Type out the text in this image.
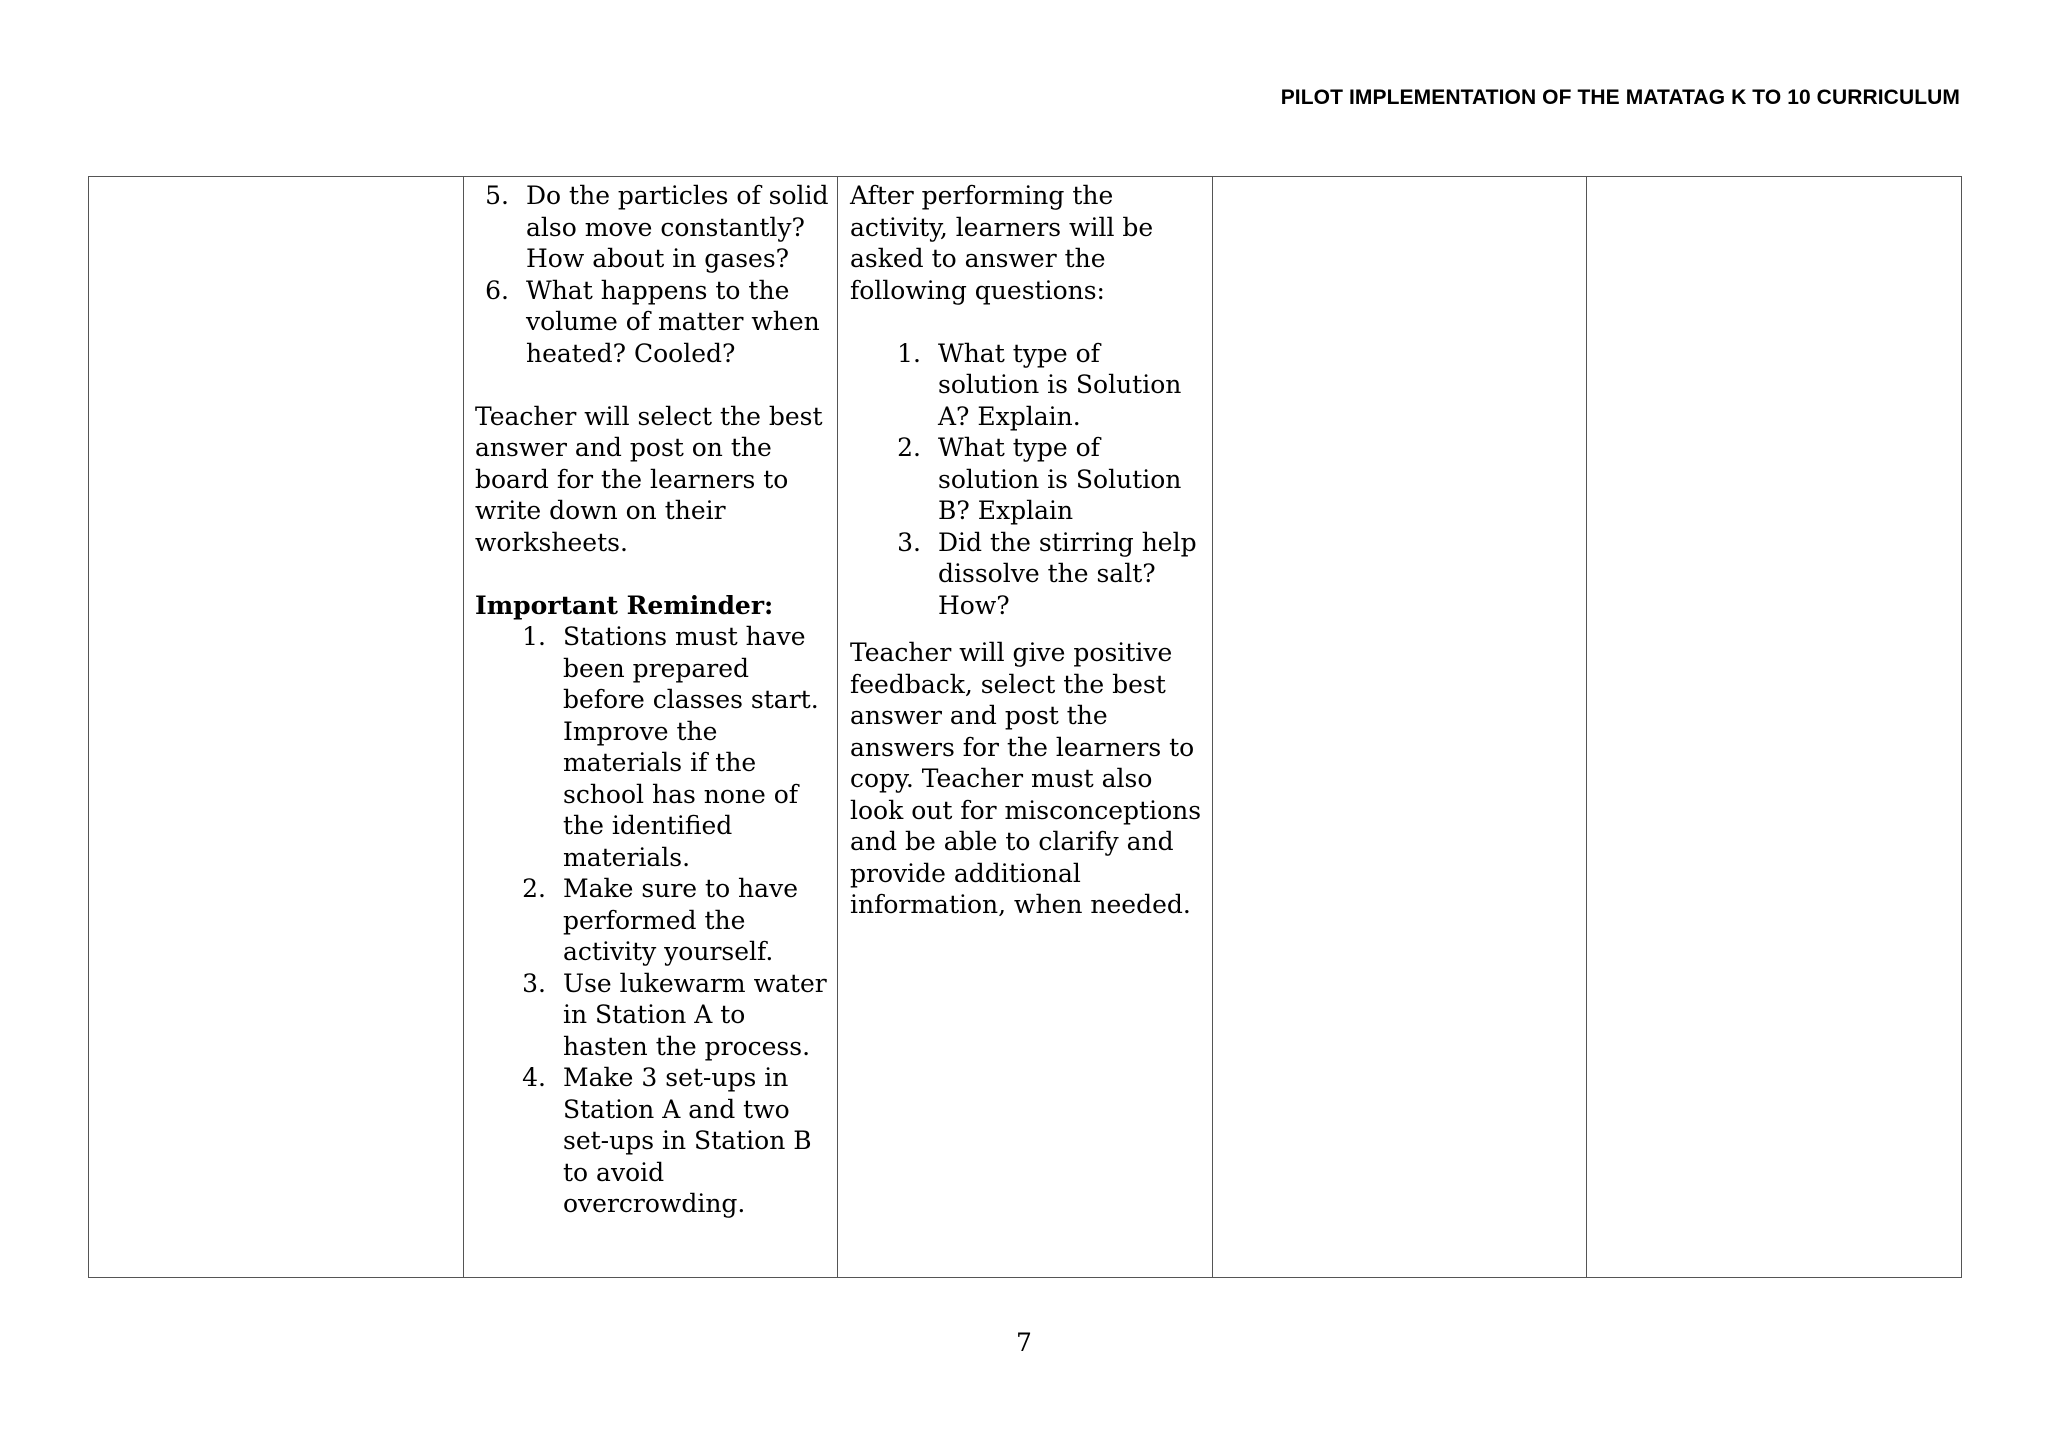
PILOT IMPLEMENTATION OF THE MATATAG K TO 10 CURRICULUM

5. Do the particles of solid also move constantly? How about in gases?
6. What happens to the volume of matter when heated? Cooled?

Teacher will select the best answer and post on the board for the learners to write down on their worksheets.

Important Reminder:

1. Stations must have been prepared before classes start. Improve the materials if the school has none of the identified materials.
2. Make sure to have performed the activity yourself.
3. Use lukewarm water in Station A to hasten the process.
4. Make 3 set-ups in Station A and two set-ups in Station B to avoid overcrowding.

After performing the activity, learners will be asked to answer the following questions:

1. What type of solution is Solution A? Explain.
2. What type of solution is Solution B? Explain
3. Did the stirring help dissolve the salt? How?

Teacher will give positive feedback, select the best answer and post the answers for the learners to copy. Teacher must also look out for misconceptions and be able to clarify and provide additional information, when needed.

7
